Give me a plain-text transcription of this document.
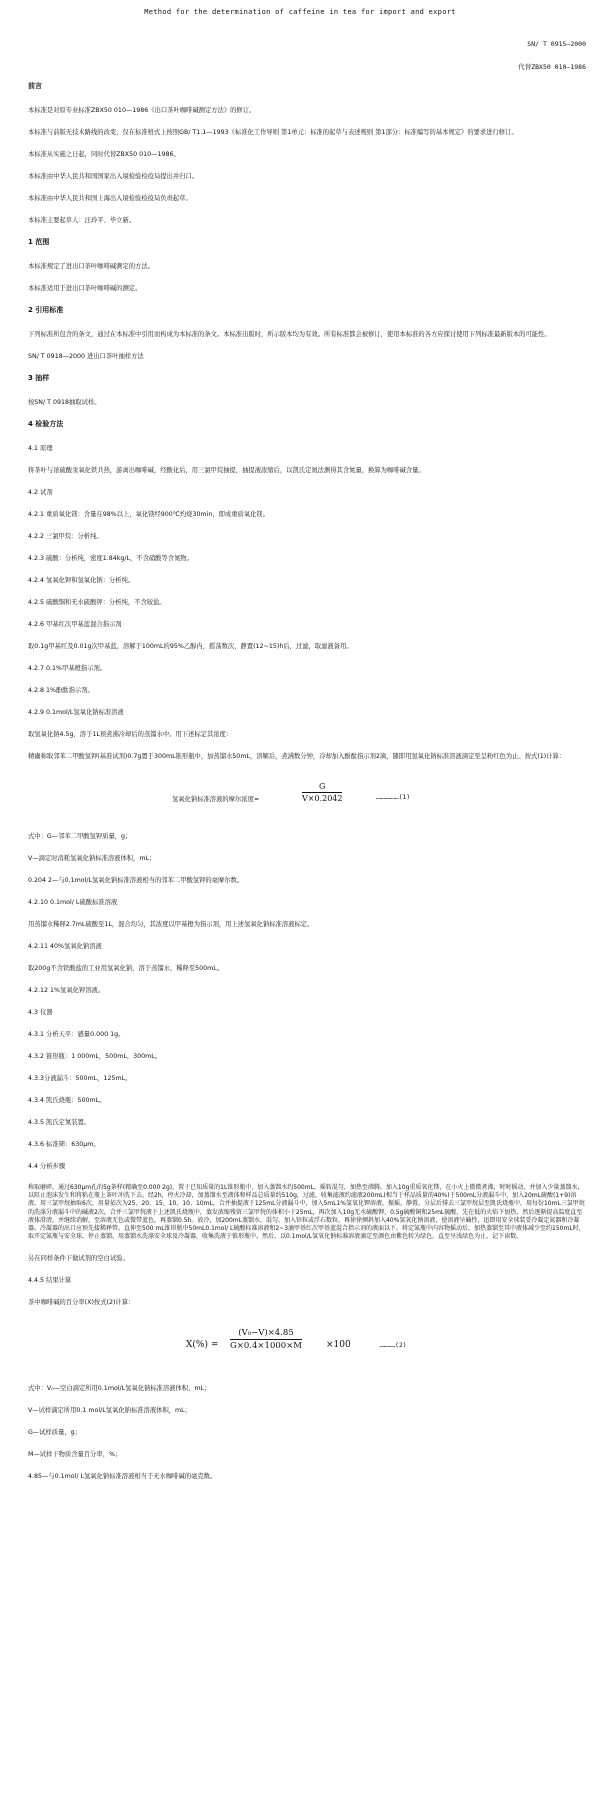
Method for the determination of caffeine in tea for import and export
SN/ T 0915—2000
代替ZBX50 010—1986
前言
本标准是对原专业标准ZBX50 010—1986《出口茶叶咖啡碱测定方法》的修订。
本标准与前版无技术路线的改变，仅在标准格式上按照GB/ T1.1—1993《标准化工作导则 第1单元：标准的起草与表述规则 第1部分：标准编写的基本规定》的要求进行修订。
本标准从实施之日起，同时代替ZBX50 010—1986。
本标准由中华人民共和国国家出入境检验检疫局提出并归口。
本标准由中华人民共和国上海出入境检验检疫局负责起草。
本标准主要起草人：汪玲平、毕立新。
1 范围
本标准规定了进出口茶叶咖啡碱测定的方法。
本标准适用于进出口茶叶咖啡碱的测定。
2 引用标准
下列标准所包含的条文，通过在本标准中引用而构成为本标准的条文。本标准出版时，所示版本均为有效。所有标准都会被修订，使用本标准的各方应探讨使用下列标准最新版本的可能性。
SN/ T 0918—2000 进出口茶叶抽样方法
3 抽样
按SN/ T 0918抽取试样。
4 检验方法
4.1 原理
将茶叶与浓硫酸汞氧化铁共热，游离出咖啡碱，经酸化后，用三氯甲烷抽提，抽提液浓缩后，以凯氏定氮法测得其含氮量，换算为咖啡碱含量。
4.2 试剂
4.2.1 重质氧化镁：含量在98%以上，氧化镁经900℃灼烧30min，即成重质氧化镁。
4.2.2 三氯甲烷：分析纯。
4.2.3 硫酸：分析纯，密度1.84kg/L，不含硝酸等含氮物。
4.2.4 氢氧化钾和氢氧化钠：分析纯。
4.2.5 硫酸铜和无水硫酸钾：分析纯，不含铵盐。
4.2.6 甲基红次甲基蓝混合指示剂
取0.1g甲基红及0.01g次甲基蓝，溶解于100mL的95%乙醇内，摇荡数次，静置(12~15)h后，过滤，取滤液备用。
4.2.7 0.1%甲基橙指示剂。
4.2.8 1%酚酞指示剂。
4.2.9 0.1mol/L氢氧化钠标准溶液
取氢氧化钠4.5g，溶于1L预煮沸冷却后的蒸馏水中。用下述标定其浓度：
精确称取邻苯二甲酸氢钾(基准试剂)0.7g置于300mL锥形瓶中，加蒸馏水50mL，溶解后，煮沸数分钟，冷却加入酚酞指示剂2滴，随即用氢氧化钠标准溶液滴定至呈粉红色为止。按式(1)计算：
氢氧化钠标准溶液的摩尔浓度=	$\frac{G}{V\times 0.2042}$	………………(1)
式中：G—邻苯二甲酸氢钾质量，g；
V—滴定时消耗氢氧化钠标准溶液体积，mL；
0.204 2—与0.1mol/L氢氧化钠标准溶液相当的邻苯二甲酸氢钾的毫摩尔数。
4.2.10 0.1mol/ L硫酸标准溶液
用蒸馏水稀释2.7mL硫酸至1L，混合均匀，其浓度以甲基橙为指示剂，用上述氢氧化钠标准溶液标定。
4.2.11 40%氢氧化钠溶液
取200g不含铁酸盐的工业用氢氧化钠，溶于蒸馏水，稀释至500mL。
4.2.12 1%氢氧化钾溶液。
4.3 仪器
4.3.1 分析天平：感量0.000 1g。
4.3.2 锥形瓶：1 000mL，500mL，300mL。
4.3.3分液漏斗：500mL，125mL。
4.3.4 凯氏烧瓶：500mL。
4.3.5 凯氏定氮装置。
4.3.6 标准筛：630μm。
4.4 分析步骤
称取磨碎、通过630μm孔的5g茶样(精确至0.000 2g)，置于已知质量的1L锥形瓶中，加入蒸馏水约500mL，摇转混匀，加热至沸腾。加入10g重质氧化镁，在小火上微微煮沸，时时摇动，并加入少量蒸馏水，以阻止泡沫发生和将粘在瓶上茶叶冲洗下去。经2h，停火冷却，加蒸馏水至液体和样品总质量约510g，过滤，收集滤液约滤液200mL(相当于样品质量的40%)于500mL分液漏斗中，加入20mL硫酸(1+9)溶液，用三氯甲烷抽取6次，用量依次为25、20、15、10、10、10mL，合并抽提液于125mL分液漏斗中，加入5mL1%氢氧化钾溶液，振摇，静置，分层后排去三氯甲烷层至凯氏烧瓶中，用每份10mL三氯甲烷的洗涤分液漏斗中的碱液2次，合并三氯甲烷液于上述凯氏烧瓶中，蒸发浓缩残留三氯甲烷的体积小于25mL，再次加入10g无水硫酸钾、0.5g硫酸铜和25mL硫酸，先在低的火焰下加热，然后逐渐提高温度直至液体澄清，并继续消解，至溶液无色或微带蓝色，再蒸馏0.5h。放冷，加200mL蒸馏水，混匀。加入锌粒或浮石数粒，再徐徐倾斜加入40%氢氧化钠溶液，使溶液呈碱性，迅即用安全球装妥冷凝定氮器和冷凝器。冷凝器的出口应预先接稀释管。直伸至500 mL锥形瓶中50mL0.1mol/ L硫酸标准溶液和2~3滴甲基红次甲基蓝混合指示剂的液面以下。将定氮瓶中内容物摇动后，加热蒸馏至其中液体减少至约150mL时，取开定氮瓶与安全球，停止蒸馏。用蒸馏水洗涤安全球及冷凝器，收集洗液于锥形瓶中。然后，以0.1mol/L氢氧化钠标准溶液滴定至颜色由紫色转为绿色，直至呈浅绿色为止，记下读数。
另在同样条件下做试剂的空白试验。
4.4.5 结果计算
茶中咖啡碱的百分率(X)按式(2)计算：
$X(\%) = \frac{\text{(V₀−V)×4.85}}{G\times 0.4\times 1000\times M}$	×100	…………(2)
式中：V₀—空白滴定所用0.1mol/L氢氧化钠标准溶液体积，mL；
V—试样滴定所用0.1 mol/L氢氧化钠标准溶液体积，mL；
G—试样质量，g；
M—试样干物质含量百分率，%；
4.85—与0.1mol/ L氢氧化钠标准溶液相当于无水咖啡碱的毫克数。
